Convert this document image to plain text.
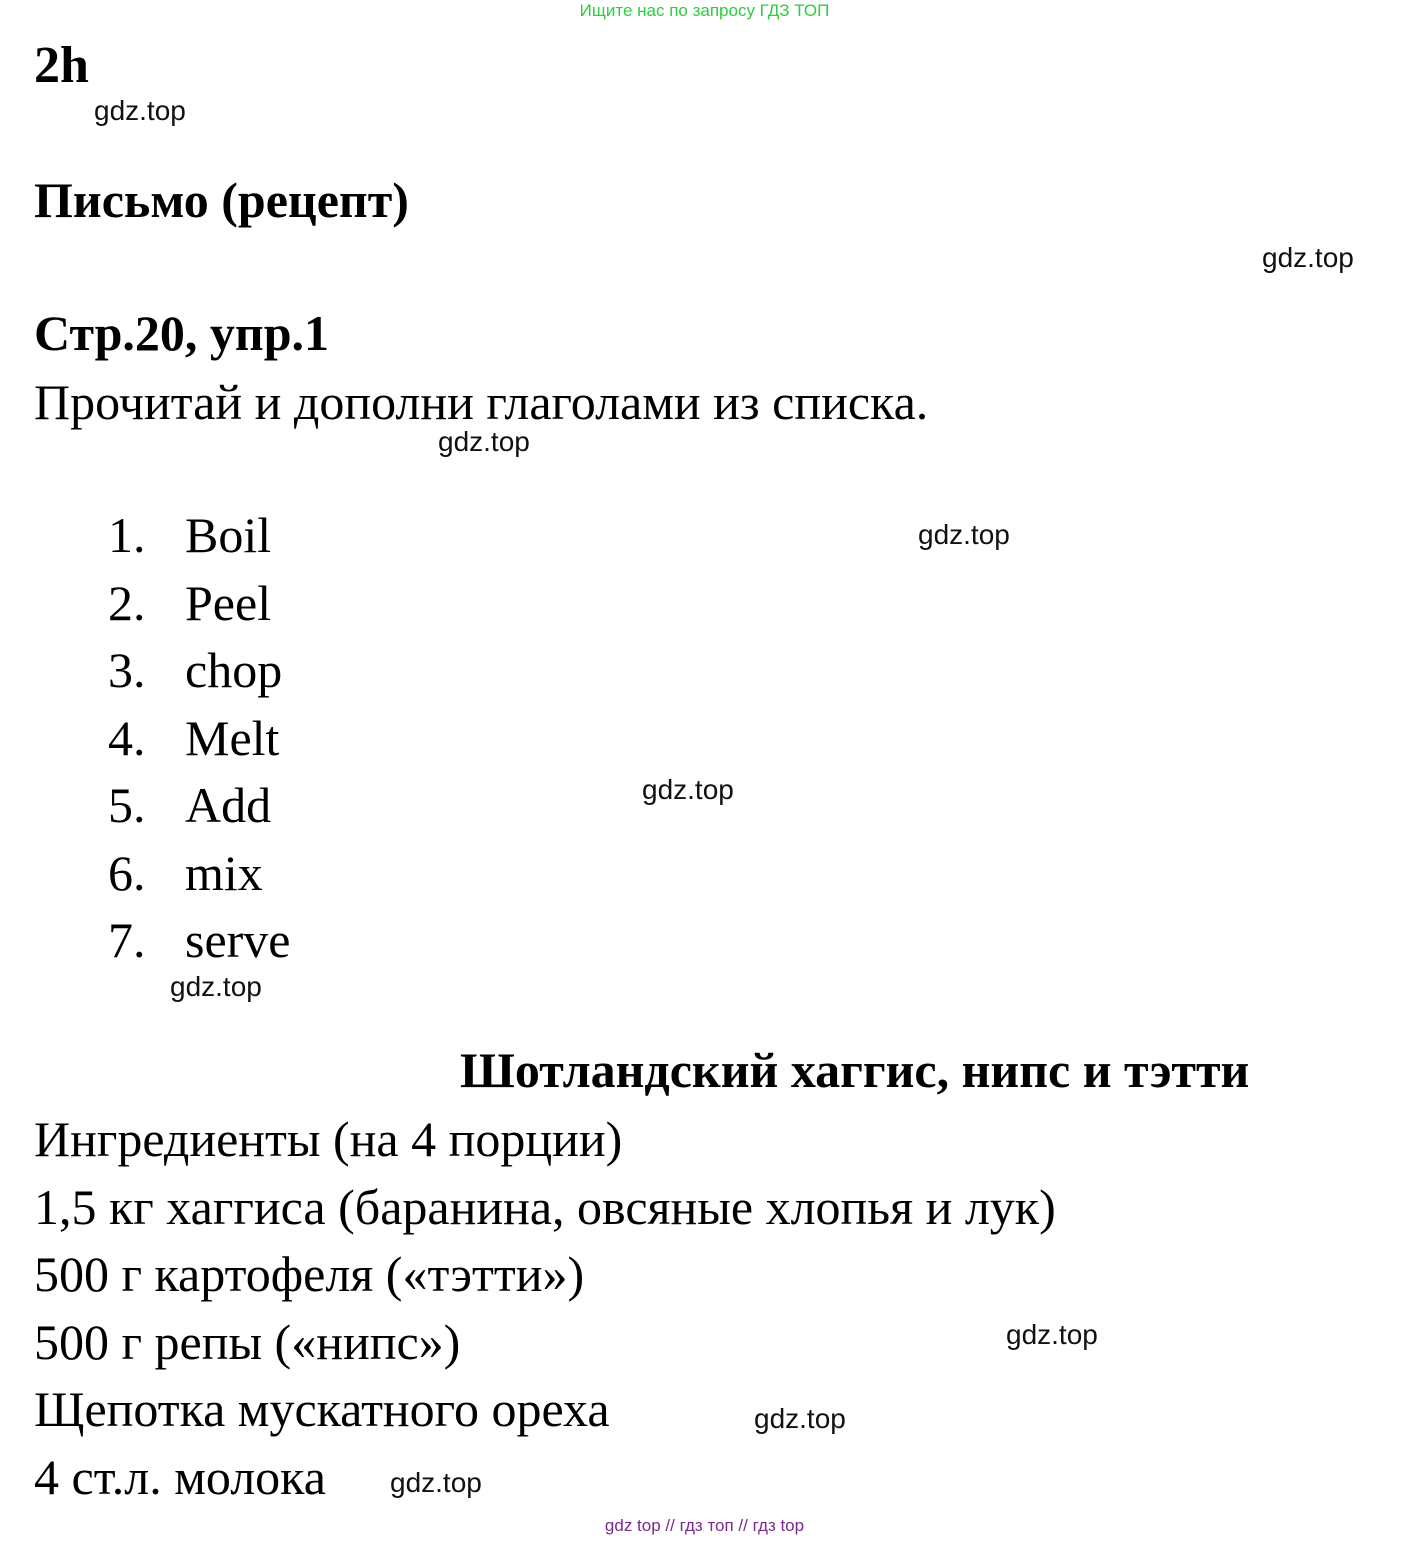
Ищите нас по запросу ГДЗ ТОП
2h
gdz.top
Письмо (рецепт)
gdz.top
Стр.20, упр.1
Прочитай и дополни глаголами из списка.
gdz.top
1. Boil
2. Peel
3. chop
4. Melt
5. Add
6. mix
7. serve
gdz.top
gdz.top
gdz.top
Шотландский хаггис, нипс и тэтти
Ингредиенты (на 4 порции)
1,5 кг хаггиса (баранина, овсяные хлопья и лук)
500 г картофеля («тэтти»)
500 г репы («нипс»)
Щепотка мускатного ореха
4 ст.л. молока
gdz.top
gdz.top
gdz.top
gdz top // гдз топ // гдз top
